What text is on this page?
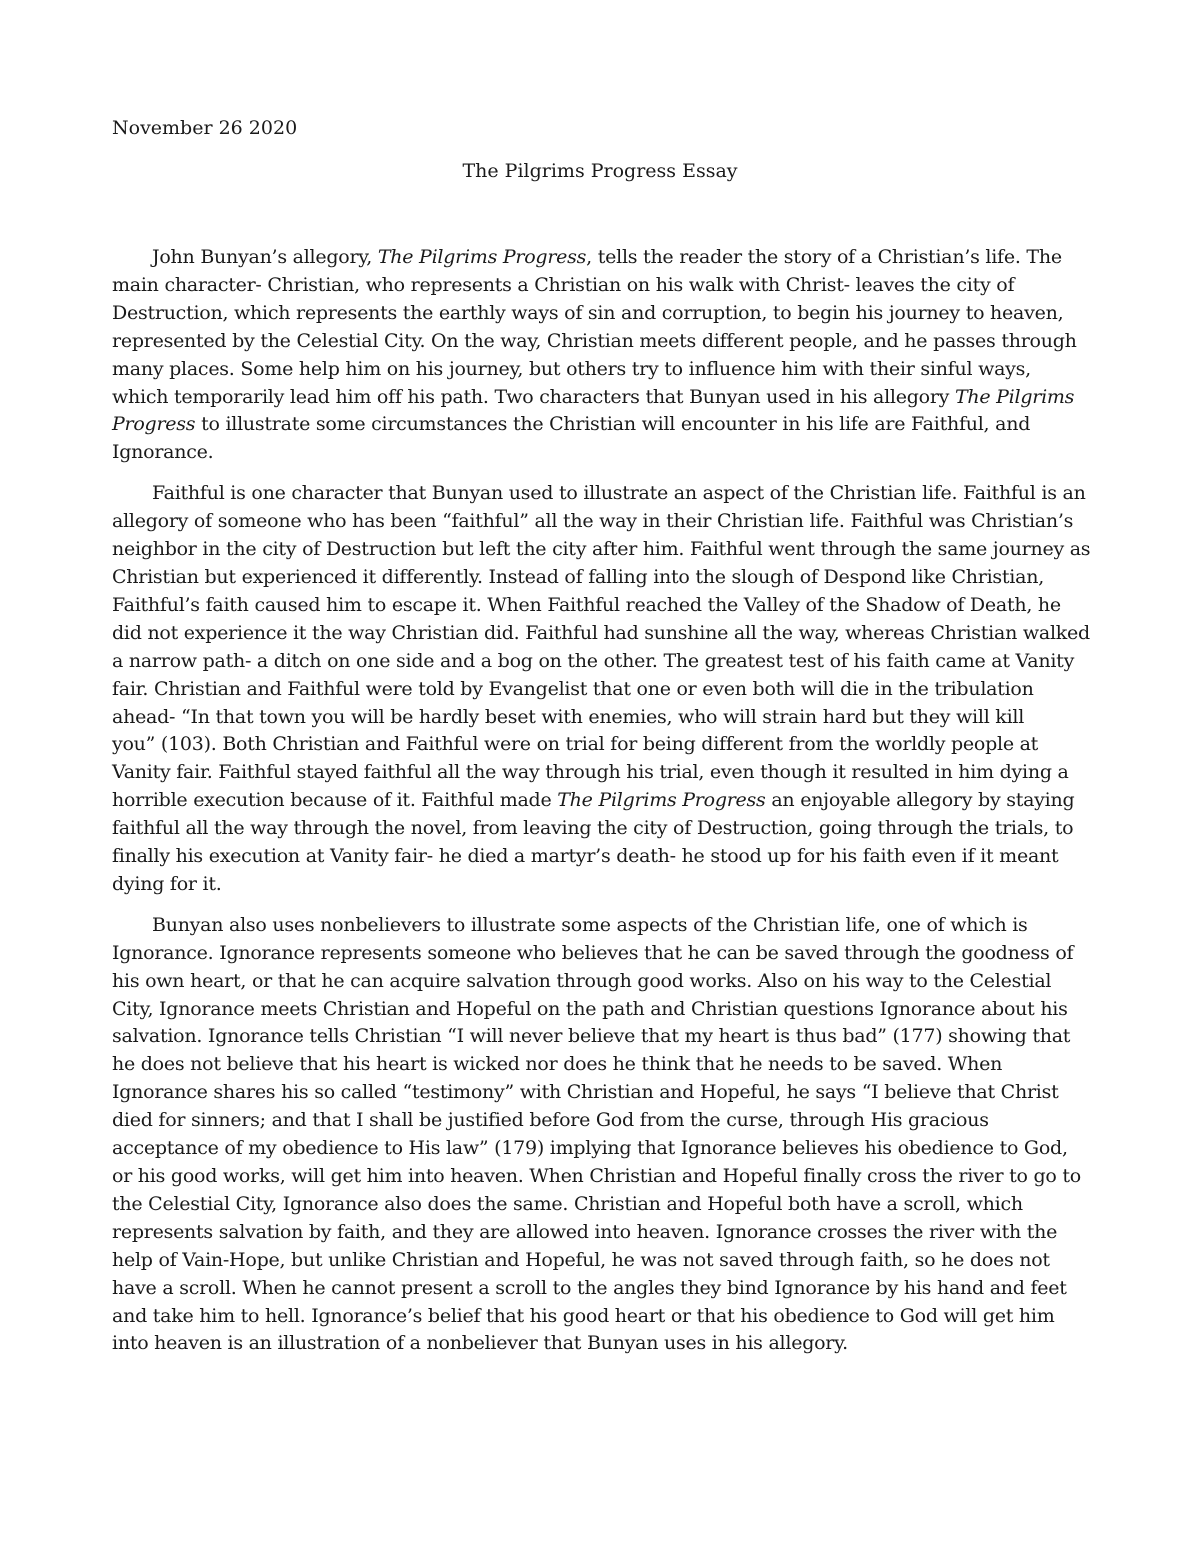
November 26 2020
The Pilgrims Progress Essay
John Bunyan’s allegory, The Pilgrims Progress, tells the reader the story of a Christian’s life. The
main character- Christian, who represents a Christian on his walk with Christ- leaves the city of
Destruction, which represents the earthly ways of sin and corruption, to begin his journey to heaven,
represented by the Celestial City. On the way, Christian meets different people, and he passes through
many places. Some help him on his journey, but others try to influence him with their sinful ways,
which temporarily lead him off his path. Two characters that Bunyan used in his allegory The Pilgrims
Progress to illustrate some circumstances the Christian will encounter in his life are Faithful, and
Ignorance.
Faithful is one character that Bunyan used to illustrate an aspect of the Christian life. Faithful is an
allegory of someone who has been “faithful” all the way in their Christian life. Faithful was Christian’s
neighbor in the city of Destruction but left the city after him. Faithful went through the same journey as
Christian but experienced it differently. Instead of falling into the slough of Despond like Christian,
Faithful’s faith caused him to escape it. When Faithful reached the Valley of the Shadow of Death, he
did not experience it the way Christian did. Faithful had sunshine all the way, whereas Christian walked
a narrow path- a ditch on one side and a bog on the other. The greatest test of his faith came at Vanity
fair. Christian and Faithful were told by Evangelist that one or even both will die in the tribulation
ahead- “In that town you will be hardly beset with enemies, who will strain hard but they will kill
you” (103). Both Christian and Faithful were on trial for being different from the worldly people at
Vanity fair. Faithful stayed faithful all the way through his trial, even though it resulted in him dying a
horrible execution because of it. Faithful made The Pilgrims Progress an enjoyable allegory by staying
faithful all the way through the novel, from leaving the city of Destruction, going through the trials, to
finally his execution at Vanity fair- he died a martyr’s death- he stood up for his faith even if it meant
dying for it.
Bunyan also uses nonbelievers to illustrate some aspects of the Christian life, one of which is
Ignorance. Ignorance represents someone who believes that he can be saved through the goodness of
his own heart, or that he can acquire salvation through good works. Also on his way to the Celestial
City, Ignorance meets Christian and Hopeful on the path and Christian questions Ignorance about his
salvation. Ignorance tells Christian “I will never believe that my heart is thus bad” (177) showing that
he does not believe that his heart is wicked nor does he think that he needs to be saved. When
Ignorance shares his so called “testimony” with Christian and Hopeful, he says “I believe that Christ
died for sinners; and that I shall be justified before God from the curse, through His gracious
acceptance of my obedience to His law” (179) implying that Ignorance believes his obedience to God,
or his good works, will get him into heaven. When Christian and Hopeful finally cross the river to go to
the Celestial City, Ignorance also does the same. Christian and Hopeful both have a scroll, which
represents salvation by faith, and they are allowed into heaven. Ignorance crosses the river with the
help of Vain-Hope, but unlike Christian and Hopeful, he was not saved through faith, so he does not
have a scroll. When he cannot present a scroll to the angles they bind Ignorance by his hand and feet
and take him to hell. Ignorance’s belief that his good heart or that his obedience to God will get him
into heaven is an illustration of a nonbeliever that Bunyan uses in his allegory.
